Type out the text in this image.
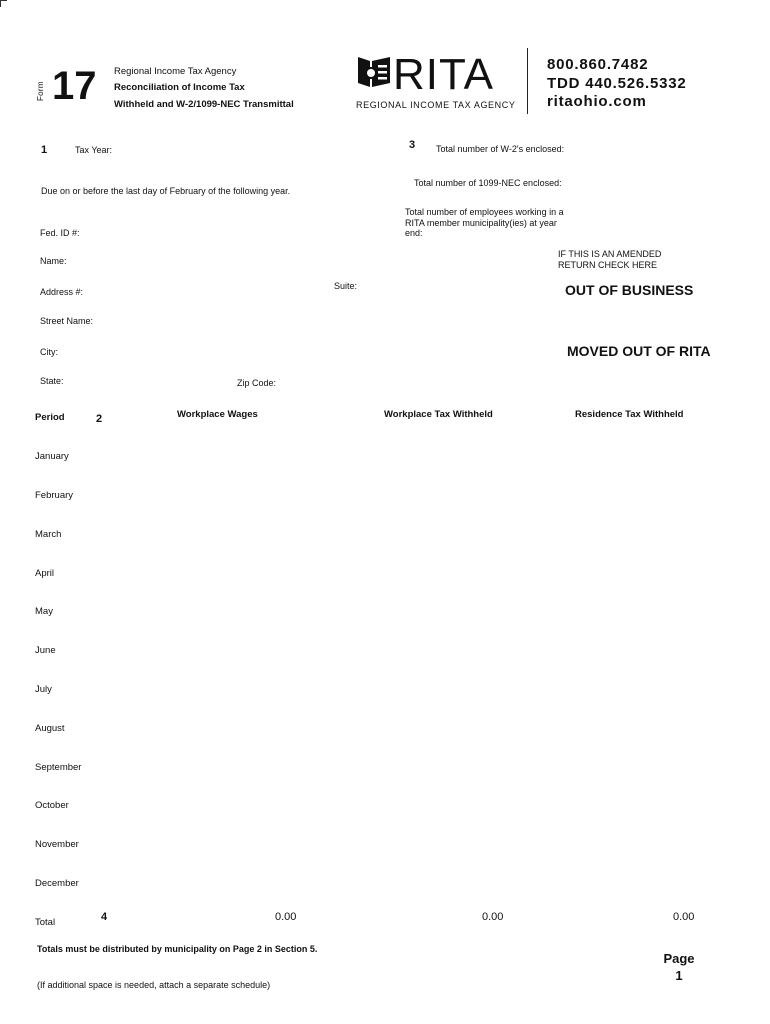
Form 17 Regional Income Tax Agency
Reconciliation of Income Tax
Withheld and W-2/1099-NEC Transmittal
RITA
REGIONAL INCOME TAX AGENCY
800.860.7482
TDD 440.526.5332
ritaohio.com
1	Tax Year:
Due on or before the last day of February of the following year.
Fed. ID #:
Name:
Address #:
Suite:
Street Name:
City:
State:	Zip Code:
3 Total number of W-2's enclosed:
Total number of 1099-NEC enclosed:
Total number of employees working in a
RITA member municipality(ies) at year
end:
IF THIS IS AN AMENDED
RETURN CHECK HERE
OUT OF BUSINESS
MOVED OUT OF RITA
Period	2	Workplace Wages	Workplace Tax Withheld	Residence Tax Withheld
January
February
March
April
May
June
July
August
September
October
November
December
Total	4	0.00	0.00	0.00
Totals must be distributed by municipality on Page 2 in Section 5.
(If additional space is needed, attach a separate schedule)
Page
1
